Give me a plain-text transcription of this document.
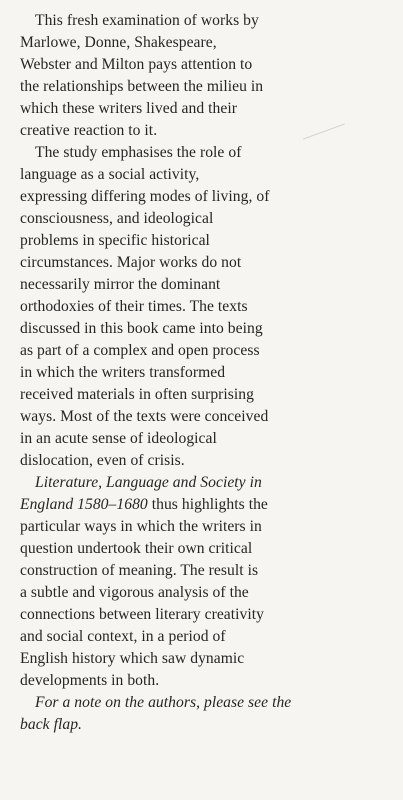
This fresh examination of works by
Marlowe, Donne, Shakespeare,
Webster and Milton pays attention to
the relationships between the milieu in
which these writers lived and their
creative reaction to it.

The study emphasises the role of
language as a social activity,
expressing differing modes of living, of
consciousness, and ideological
problems in specific historical
circumstances. Major works do not
necessarily mirror the dominant
orthodoxies of their times. The texts
discussed in this book came into being
as part of a complex and open process
in which the writers transformed
received materials in often surprising
ways. Most of the texts were conceived
in an acute sense of ideological
dislocation, even of crisis.

Literature, Language and Society in
England 1580–1680 thus highlights the
particular ways in which the writers in
question undertook their own critical
construction of meaning. The result is
a subtle and vigorous analysis of the
connections between literary creativity
and social context, in a period of
English history which saw dynamic
developments in both.

For a note on the authors, please see the
back flap.
